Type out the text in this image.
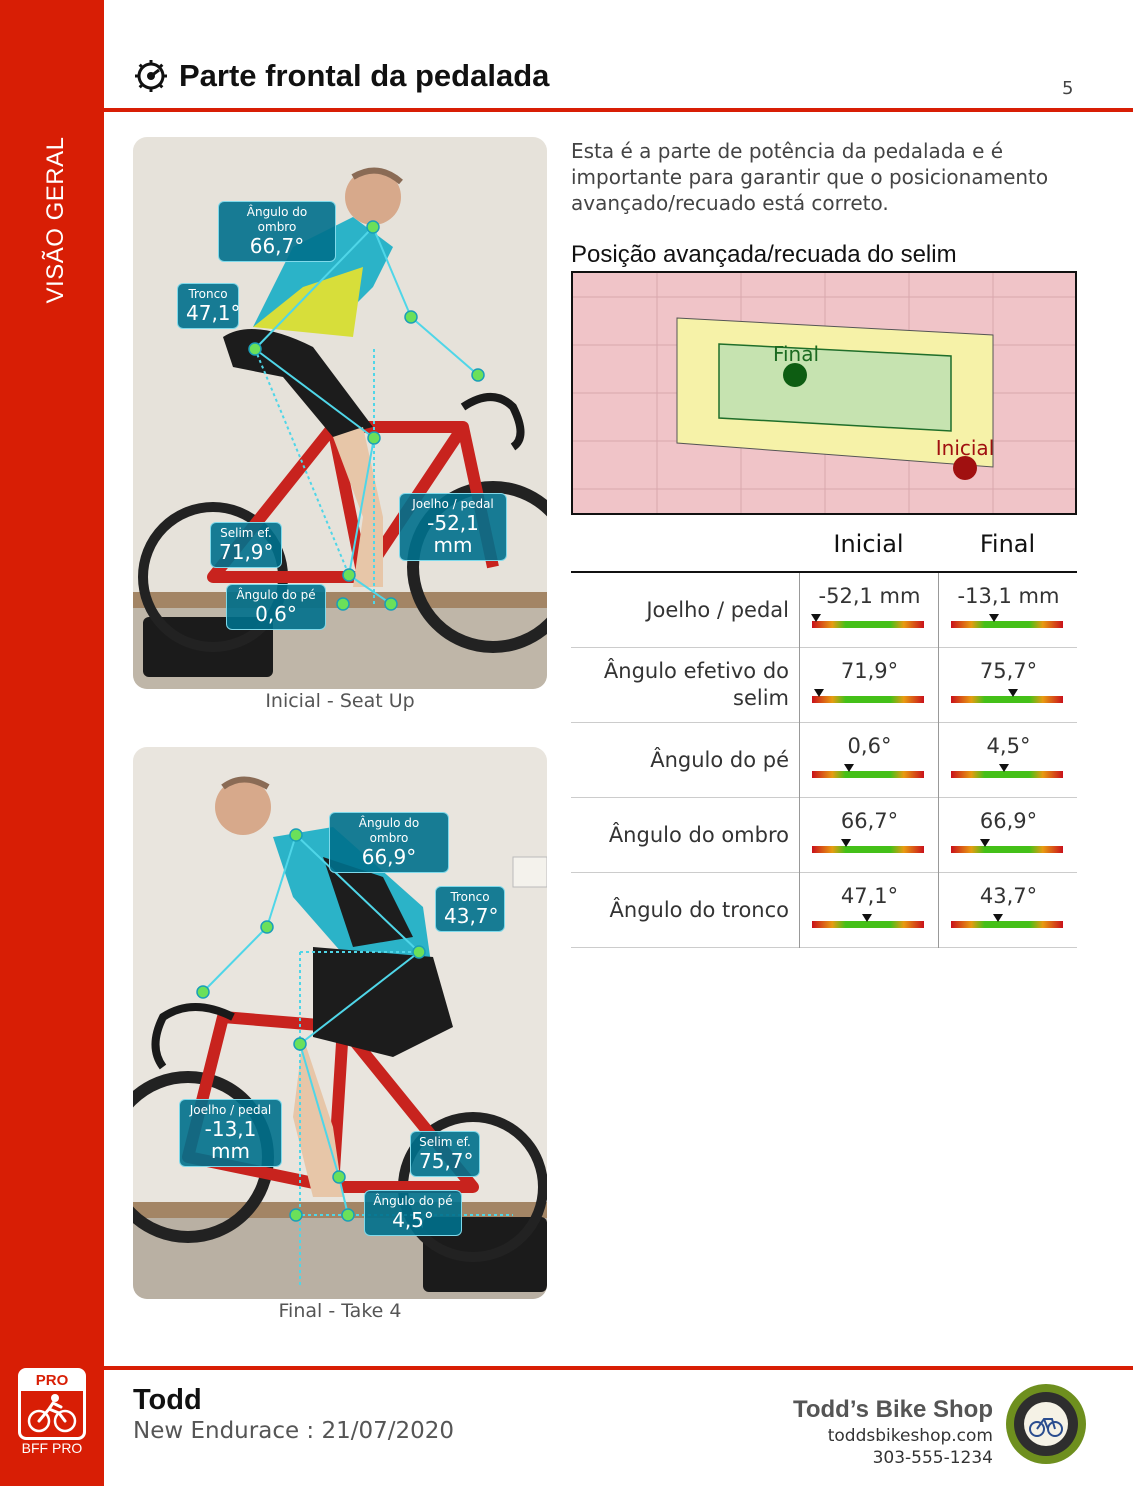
VISÃO GERAL
PRO
BFF PRO
Parte frontal da pedalada	5
Ângulo do ombro
66,7°
Tronco
47,1°
Joelho / pedal
-52,1 mm
Selim ef.
71,9°
Ângulo do pé
0,6°
Inicial - Seat Up
Ângulo do ombro
66,9°
Tronco
43,7°
Joelho / pedal
-13,1 mm	Selim ef.
75,7°
Ângulo do pé
4,5°
Final - Take 4
Esta é a parte de potência da pedalada e é importante para garantir que o posicionamento avançado/recuado está correto.
Posição avançada/recuada do selim
Final
Inicial
Inicial	Final
Joelho / pedal
-52,1 mm	-13,1 mm
Ângulo efetivo do selim
71,9°	75,7°
Ângulo do pé
0,6°	4,5°
Ângulo do ombro
66,7°	66,9°
Ângulo do tronco
47,1°	43,7°
Todd
New Endurace : 21/07/2020
Todd’s Bike Shop
toddsbikeshop.com
303-555-1234
